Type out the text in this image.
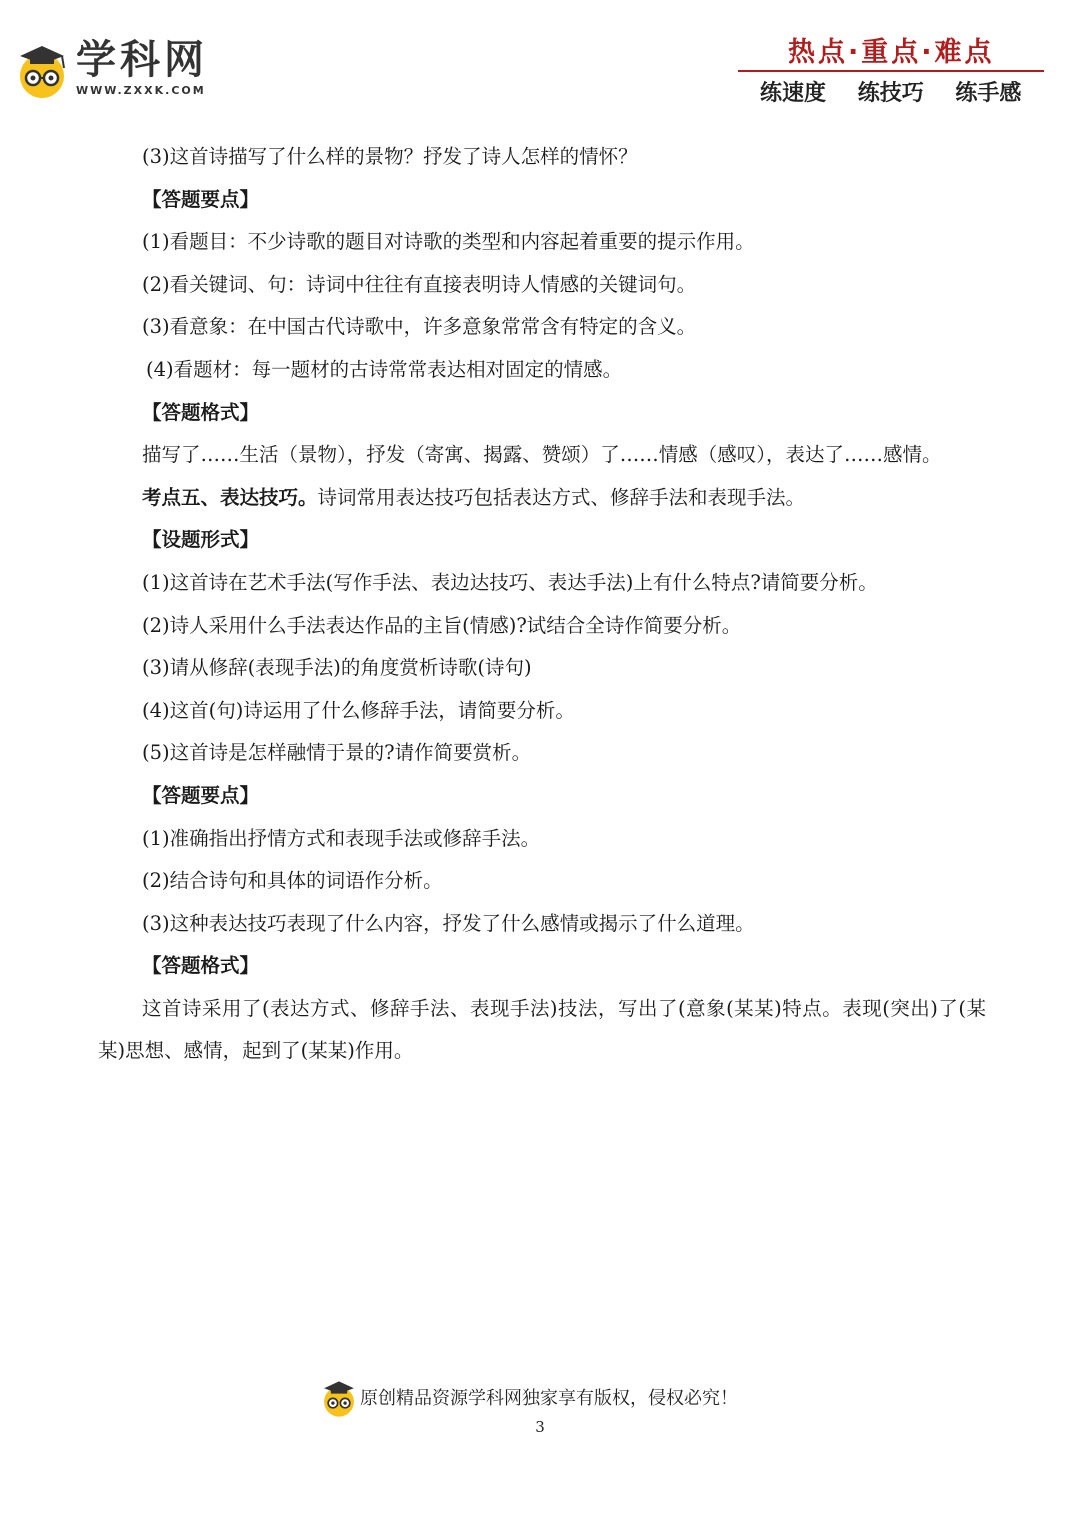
学科网
WWW.ZXXK.COM
热点·重点·难点
练速度 练技巧 练手感
(3)这首诗描写了什么样的景物？抒发了诗人怎样的情怀？
【答题要点】
(1)看题目：不少诗歌的题目对诗歌的类型和内容起着重要的提示作用。
(2)看关键词、句：诗词中往往有直接表明诗人情感的关键词句。
(3)看意象：在中国古代诗歌中，许多意象常常含有特定的含义。
(4)看题材：每一题材的古诗常常表达相对固定的情感。
【答题格式】
描写了……生活（景物），抒发（寄寓、揭露、赞颂）了……情感（感叹），表达了……感情。
考点五、表达技巧。诗词常用表达技巧包括表达方式、修辞手法和表现手法。
【设题形式】
(1)这首诗在艺术手法(写作手法、表边达技巧、表达手法)上有什么特点?请简要分析。
(2)诗人采用什么手法表达作品的主旨(情感)?试结合全诗作简要分析。
(3)请从修辞(表现手法)的角度赏析诗歌(诗句)
(4)这首(句)诗运用了什么修辞手法，请简要分析。
(5)这首诗是怎样融情于景的?请作简要赏析。
【答题要点】
(1)准确指出抒情方式和表现手法或修辞手法。
(2)结合诗句和具体的词语作分析。
(3)这种表达技巧表现了什么内容，抒发了什么感情或揭示了什么道理。
【答题格式】
这首诗采用了(表达方式、修辞手法、表现手法)技法，写出了(意象(某某)特点。表现(突出)了(某某)思想、感情，起到了(某某)作用。
原创精品资源学科网独家享有版权，侵权必究！
3
